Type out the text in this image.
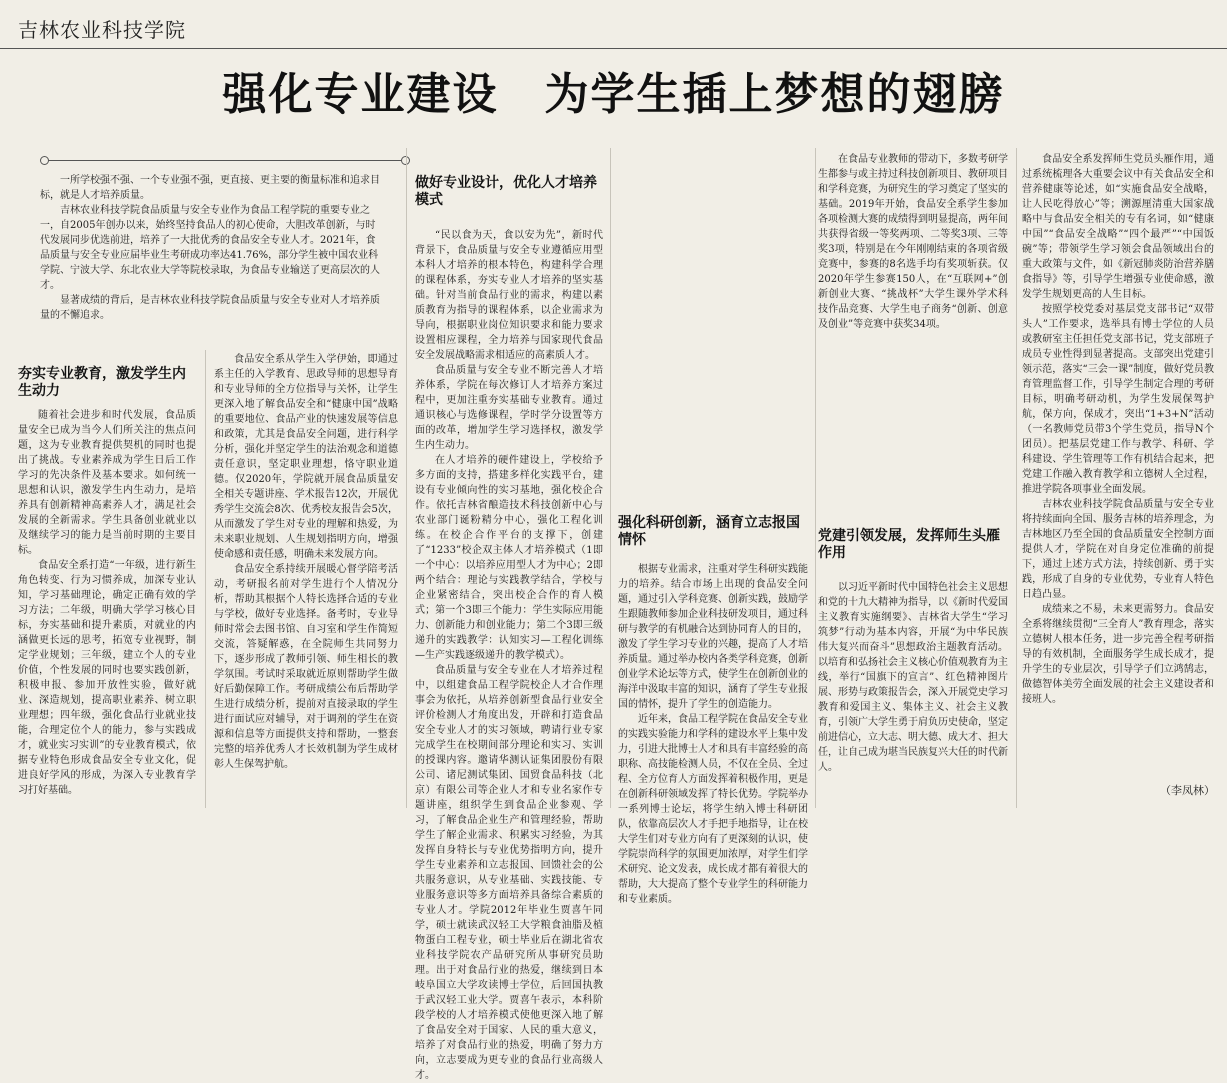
吉林农业科技学院
强化专业建设　为学生插上梦想的翅膀

一所学校强不强、一个专业强不强，更直接、更主要的衡量标准和追求目标，就是人才培养质量。

吉林农业科技学院食品质量与安全专业作为食品工程学院的重要专业之一，自2005年创办以来，始终坚持食品人的初心使命，大胆改革创新，与时代发展同步优选前进，培养了一大批优秀的食品安全专业人才。2021年，食品质量与安全专业应届毕业生考研成功率达41.76%，部分学生被中国农业科学院、宁波大学、东北农业大学等院校录取，为食品专业输送了更高层次的人才。

显著成绩的背后，是吉林农业科技学院食品质量与安全专业对人才培养质量的不懈追求。

夯实专业教育，激发学生内生动力

随着社会进步和时代发展，食品质量安全已成为当今人们所关注的焦点问题，这为专业教育提供契机的同时也提出了挑战。专业素养成为学生日后工作学习的先决条件及基本要求。如何统一思想和认识，激发学生内生动力，是培养具有创新精神高素养人才，满足社会发展的全新需求。学生具备创业就业以及继续学习的能力是当前时期的主要目标。

食品安全系打造“一年级，进行新生角色转变、行为习惯养成，加深专业认知，学习基础理论，确定正确有效的学习方法；二年级，明确大学学习核心目标，夯实基础和提升素质，对就业的内涵做更长远的思考，拓宽专业视野，制定学业规划；三年级，建立个人的专业价值，个性发展的同时也要实践创新，积极申报、参加开放性实验，做好就业、深造规划，提高职业素养、树立职业理想；四年级，强化食品行业就业技能，合理定位个人的能力，参与实践成才，就业实习实训”的专业教育模式，依据专业特色形成食品安全专业文化，促进良好学风的形成，为深入专业教育学习打好基础。

食品安全系从学生入学伊始，即通过系主任的入学教育、思政导师的思想导育和专业导师的全方位指导与关怀，让学生更深入地了解食品安全和“健康中国”战略的重要地位、食品产业的快速发展等信息和政策，尤其是食品安全问题，进行科学分析，强化并坚定学生的法治观念和道德责任意识，坚定职业理想，恪守职业道德。仅2020年，学院就开展食品质量安全相关专题讲座、学术报告12次，开展优秀学生交流会8次、优秀校友报告会5次，从而激发了学生对专业的理解和热爱，为未来职业规划、人生规划指明方向，增强使命感和责任感，明确未来发展方向。

食品安全系持续开展暖心督学陪考活动，考研报名前对学生进行个人情况分析，帮助其根据个人特长选择合适的专业与学校，做好专业选择。备考时，专业导师时常会去图书馆、自习室和学生作简短交流，答疑解惑，在全院师生共同努力下，逐步形成了教师引领、师生相长的教学氛围。考试时采取就近原则帮助学生做好后勤保障工作。考研成绩公布后帮助学生进行成绩分析，提前对直接录取的学生进行面试应对辅导，对于调剂的学生在资源和信息等方面提供支持和帮助，一整套完整的培养优秀人才长效机制为学生成材彰人生保驾护航。

做好专业设计，优化人才培养模式

“民以食为天，食以安为先”，新时代背景下，食品质量与安全专业遵循应用型本科人才培养的根本特色，构建科学合理的课程体系，夯实专业人才培养的坚实基础。针对当前食品行业的需求，构建以素质教育为指导的课程体系，以企业需求为导向，根据职业岗位知识要求和能力要求设置相应课程，全力培养与国家现代食品安全发展战略需求相适应的高素质人才。

食品质量与安全专业不断完善人才培养体系，学院在每次修订人才培养方案过程中，更加注重夯实基础专业教育。通过通识核心与选修课程，学时学分设置等方面的改革，增加学生学习选择权，激发学生内生动力。

在人才培养的硬件建设上，学校给予多方面的支持，搭建多样化实践平台，建设有专业倾向性的实习基地，强化校企合作。依托吉林省酿造技术科技创新中心与农业部门诞粉精分中心，强化工程化训练。在校企合作平台的支撑下，创建了“1233”校企双主体人才培养模式（1即一个中心：以培养应用型人才为中心；2即两个结合：理论与实践教学结合，学校与企业紧密结合，突出校企合作的育人模式；第一个3即三个能力：学生实际应用能力、创新能力和创业能力；第二个3即三级递升的实践教学：认知实习—工程化训练—生产实践逐级递升的教学模式）。

食品质量与安全专业在人才培养过程中，以组建食品工程学院校企人才合作理事会为依托，从培养创新型食品行业安全评价检测人才角度出发，开辟和打造食品安全专业人才的实习领域，聘请行业专家完成学生在校期间部分理论和实习、实训的授课内容。邀请华测认证集团股份有限公司、诸尼测试集团、国贸食品科技（北京）有限公司等企业人才和专业名家作专题讲座，组织学生到食品企业参观、学习，了解食品企业生产和管理经验，帮助学生了解企业需求、积累实习经验，为其发挥自身特长与专业优势指明方向，提升学生专业素养和立志报国、回馈社会的公共服务意识，从专业基础、实践技能、专业服务意识等多方面培养具备综合素质的专业人才。学院2012年毕业生贾喜午同学，硕士就读武汉轻工大学粮食油脂及植物蛋白工程专业，硕士毕业后在湖北省农业科技学院农产品研究所从事研究员助理。出于对食品行业的热爱，继续到日本岐阜国立大学攻读博士学位，后回国执教于武汉轻工业大学。贾喜午表示，本科阶段学校的人才培养模式使他更深入地了解了食品安全对于国家、人民的重大意义，培养了对食品行业的热爱，明确了努力方向，立志要成为更专业的食品行业高级人才。

强化科研创新，涵育立志报国情怀

根据专业需求，注重对学生科研实践能力的培养。结合市场上出现的食品安全问题，通过引入学科竞赛、创新实践，鼓励学生跟随教师参加企业科技研发项目，通过科研与教学的有机融合达到协同育人的目的，激发了学生学习专业的兴趣，提高了人才培养质量。通过举办校内各类学科竞赛，创新创业学术论坛等方式，使学生在创新创业的海洋中汲取丰富的知识，涵育了学生专业报国的情怀，提升了学生的创造能力。

近年来，食品工程学院在食品安全专业的实践实验能力和学科的建设水平上集中发力，引进大批博士人才和具有丰富经验的高职称、高技能检测人员，不仅在全员、全过程、全方位育人方面发挥着积极作用，更是在创新科研领域发挥了特长优势。学院举办一系列博士论坛，将学生纳入博士科研团队，依靠高层次人才手把手地指导，让在校大学生们对专业方向有了更深刻的认识，使学院崇尚科学的氛围更加浓厚，对学生们学术研究、论文发表，成长成才都有着很大的帮助，大大提高了整个专业学生的科研能力和专业素质。

在食品专业教师的带动下，多数考研学生都参与或主持过科技创新项目、教研项目和学科竞赛，为研究生的学习奠定了坚实的基础。2019年开始，食品安全系学生参加各项检测大赛的成绩得到明显提高，两年间共获得省级一等奖两项、二等奖3项、三等奖3项，特别是在今年刚刚结束的各项省级竞赛中，参赛的8名选手均有奖项斩获。仅2020年学生参赛150人，在“互联网+”创新创业大赛、“挑战杯”大学生课外学术科技作品竞赛、大学生电子商务“创新、创意及创业”等竞赛中获奖34项。

党建引领发展，发挥师生头雁作用

以习近平新时代中国特色社会主义思想和党的十九大精神为指导，以《新时代爱国主义教育实施纲要》、吉林省大学生“学习筑梦”行动为基本内容，开展“为中华民族伟大复兴而奋斗”思想政治主题教育活动。以培育和弘扬社会主义核心价值观教育为主线，举行“国旗下的宣言”、红色精神图片展、形势与政策报告会，深入开展党史学习教育和爱国主义、集体主义、社会主义教育，引领广大学生勇于肩负历史使命，坚定前进信心，立大志、明大德、成大才、担大任，让自己成为堪当民族复兴大任的时代新人。

食品安全系发挥师生党员头雁作用，通过系统梳理各大重要会议中有关食品安全和营养健康等论述，如“实施食品安全战略，让人民吃得放心”等；溯源厘清重大国家战略中与食品安全相关的专有名词，如“健康中国”“食品安全战略”“四个最严”“中国饭碗”等；带领学生学习领会食品领域出台的重大政策与文件，如《新冠肺炎防治营养膳食指导》等，引导学生增强专业使命感，激发学生规划更高的人生目标。

按照学校党委对基层党支部书记“双带头人”工作要求，选举具有博士学位的人员或教研室主任担任党支部书记，党支部班子成员专业性得到显著提高。支部突出党建引领示范，落实“三会一课”制度，做好党员教育管理监督工作，引导学生制定合理的考研目标，明确考研动机，为学生发展保驾护航，保方向，保成才，突出“1+3+N”活动（一名教师党员带3个学生党员，指导N个团员）。把基层党建工作与教学、科研、学科建设、学生管理等工作有机结合起来，把党建工作融入教育教学和立德树人全过程，推进学院各项事业全面发展。

吉林农业科技学院食品质量与安全专业将持续面向全国、服务吉林的培养理念，为吉林地区乃至全国的食品质量安全控制方面提供人才，学院在对自身定位准确的前提下，通过上述方式方法，持续创新、勇于实践，形成了自身的专业优势，专业育人特色日趋凸显。

成绩来之不易，未来更需努力。食品安全系将继续贯彻“三全育人”教育理念，落实立德树人根本任务，进一步完善全程考研指导的有效机制，全面服务学生成长成才，提升学生的专业层次，引导学子们立鸿鹄志，做德智体美劳全面发展的社会主义建设者和接班人。

（李凤林）
